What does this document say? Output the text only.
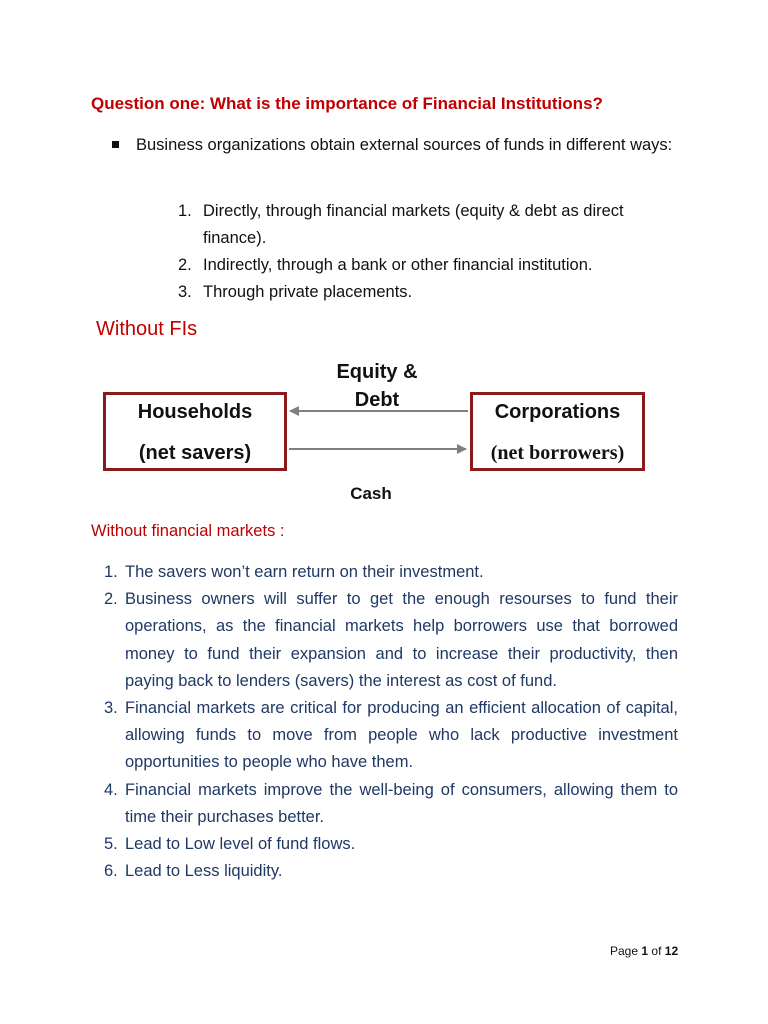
Question one: What is the importance of Financial Institutions?
Business organizations obtain external sources of funds in different ways:
1. Directly, through financial markets (equity & debt as direct finance).
2. Indirectly, through a bank or other financial institution.
3. Through private placements.
Without FIs
Equity & Debt
Households
(net savers)
Corporations
(net borrowers)
Cash
Without financial markets :
1. The savers won’t earn return on their investment.
2. Business owners will suffer to get the enough resourses to fund their operations, as the financial markets help borrowers use that borrowed money to fund their expansion and to increase their productivity, then paying back to lenders (savers) the interest as cost of fund.
3. Financial markets are critical for producing an efficient allocation of capital, allowing funds to move from people who lack productive investment opportunities to people who have them.
4. Financial markets improve the well-being of consumers, allowing them to time their purchases better.
5. Lead to Low level of fund flows.
6. Lead to Less liquidity.
Page 1 of 12
